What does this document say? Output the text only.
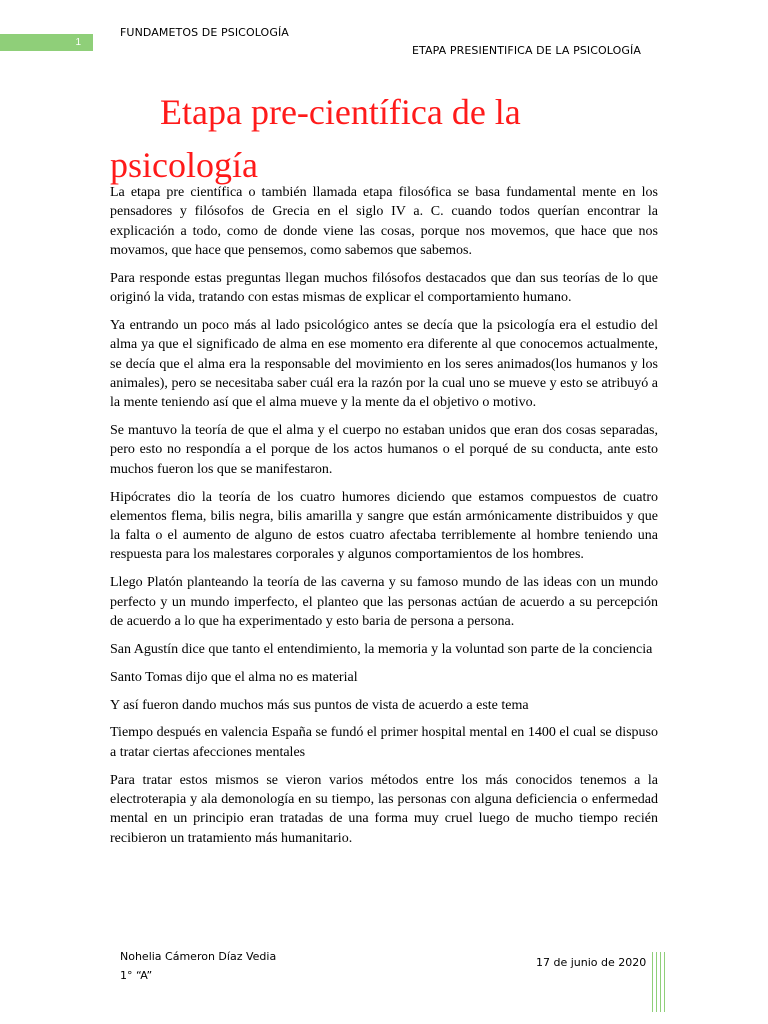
1
FUNDAMETOS DE PSICOLOGÍA
ETAPA PRESIENTIFICA DE LA PSICOLOGÍA
Etapa pre-científica de la psicología

La etapa pre científica o también llamada etapa filosófica se basa fundamental mente en los pensadores y filósofos de Grecia en el siglo IV a. C. cuando todos querían encontrar la explicación a todo, como de donde viene las cosas, porque nos movemos, que hace que nos movamos, que hace que pensemos, como sabemos que sabemos.

Para responde estas preguntas llegan muchos filósofos destacados que dan sus teorías de lo que originó la vida, tratando con estas mismas de explicar el comportamiento humano.

Ya entrando un poco más al lado psicológico antes se decía que la psicología era el estudio del alma ya que el significado de alma en ese momento era diferente al que conocemos actualmente, se decía que el alma era la responsable del movimiento en los seres animados(los humanos y los animales), pero se necesitaba saber cuál era la razón por la cual uno se mueve y esto se atribuyó a la mente teniendo así que el alma mueve y la mente da el objetivo o motivo.

Se mantuvo la teoría de que el alma y el cuerpo no estaban unidos que eran dos cosas separadas, pero esto no respondía a el porque de los actos humanos o el porqué de su conducta, ante esto muchos fueron los que se manifestaron.

Hipócrates dio la teoría de los cuatro humores diciendo que estamos compuestos de cuatro elementos flema, bilis negra, bilis amarilla y sangre que están armónicamente distribuidos y que la falta o el aumento de alguno de estos cuatro afectaba terriblemente al hombre teniendo una respuesta para los malestares corporales y algunos comportamientos de los hombres.

Llego Platón planteando la teoría de las caverna y su famoso mundo de las ideas con un mundo perfecto y un mundo imperfecto, el planteo que las personas actúan de acuerdo a su percepción de acuerdo a lo que ha experimentado y esto baria de persona a persona.

San Agustín dice que tanto el entendimiento, la memoria y la voluntad son parte de la conciencia

Santo Tomas dijo que el alma no es material

Y así fueron dando muchos más sus puntos de vista de acuerdo a este tema

Tiempo después en valencia España se fundó el primer hospital mental en 1400 el cual se dispuso a tratar ciertas afecciones mentales

Para tratar estos mismos se vieron varios métodos entre los más conocidos tenemos a la electroterapia y ala demonología en su tiempo, las personas con alguna deficiencia o enfermedad mental en un principio eran tratadas de una forma muy cruel luego de mucho tiempo recién recibieron un tratamiento más humanitario.

Nohelia Cámeron Díaz Vedia
1° “A”
17 de junio de 2020
